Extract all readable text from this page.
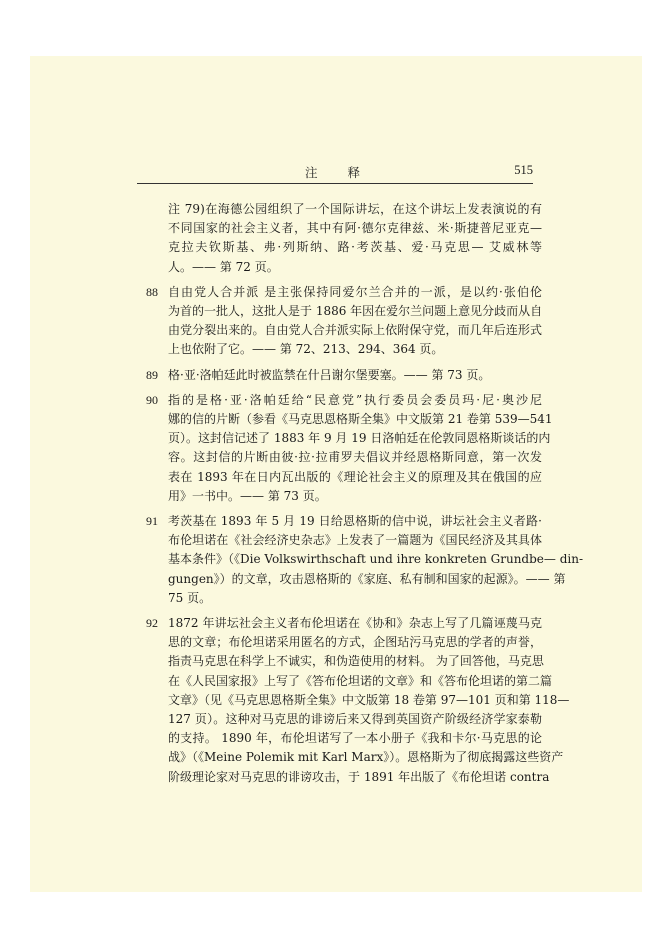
注 释	515
注 79)在海德公园组织了一个国际讲坛，在这个讲坛上发表演说的有
不同国家的社会主义者，其中有阿·德尔克律兹、米·斯捷普尼亚克—
克拉夫钦斯基、弗·列斯纳、路·考茨基、爱·马克思— 艾威林等
人。—— 第 72 页。
88 自由党人合并派 是主张保持同爱尔兰合并的一派，是以约·张伯伦
为首的一批人，这批人是于 1886 年因在爱尔兰问题上意见分歧而从自
由党分裂出来的。自由党人合并派实际上依附保守党，而几年后连形式
上也依附了它。—— 第 72、213、294、364 页。
89 格·亚·洛帕廷此时被监禁在什吕谢尔堡要塞。—— 第 73 页。
90 指的是格·亚·洛帕廷给“民意党”执行委员会委员玛·尼·奥沙尼
娜的信的片断（参看《马克思恩格斯全集》中文版第 21 卷第 539—541
页）。这封信记述了 1883 年 9 月 19 日洛帕廷在伦敦同恩格斯谈话的内
容。这封信的片断由彼·拉·拉甫罗夫倡议并经恩格斯同意，第一次发
表在 1893 年在日内瓦出版的《理论社会主义的原理及其在俄国的应
用》一书中。—— 第 73 页。
91 考茨基在 1893 年 5 月 19 日给恩格斯的信中说，讲坛社会主义者路·
布伦坦诺在《社会经济史杂志》上发表了一篇题为《国民经济及其具体
基本条件》（《Die Volkswirthschaft und ihre konkreten Grundbe— din-
gungen》）的文章，攻击恩格斯的《家庭、私有制和国家的起源》。—— 第
75 页。
92 1872 年讲坛社会主义者布伦坦诺在《协和》杂志上写了几篇诬蔑马克
思的文章；布伦坦诺采用匿名的方式，企图玷污马克思的学者的声誉，
指责马克思在科学上不诚实，和伪造使用的材料。 为了回答他，马克思
在《人民国家报》上写了《答布伦坦诺的文章》和《答布伦坦诺的第二篇
文章》（见《马克思恩格斯全集》中文版第 18 卷第 97—101 页和第 118—
127 页）。这种对马克思的诽谤后来又得到英国资产阶级经济学家泰勒
的支持。 1890 年，布伦坦诺写了一本小册子《我和卡尔·马克思的论
战》（《Meine Polemik mit Karl Marx》）。恩格斯为了彻底揭露这些资产
阶级理论家对马克思的诽谤攻击，于 1891 年出版了《布伦坦诺 contra
